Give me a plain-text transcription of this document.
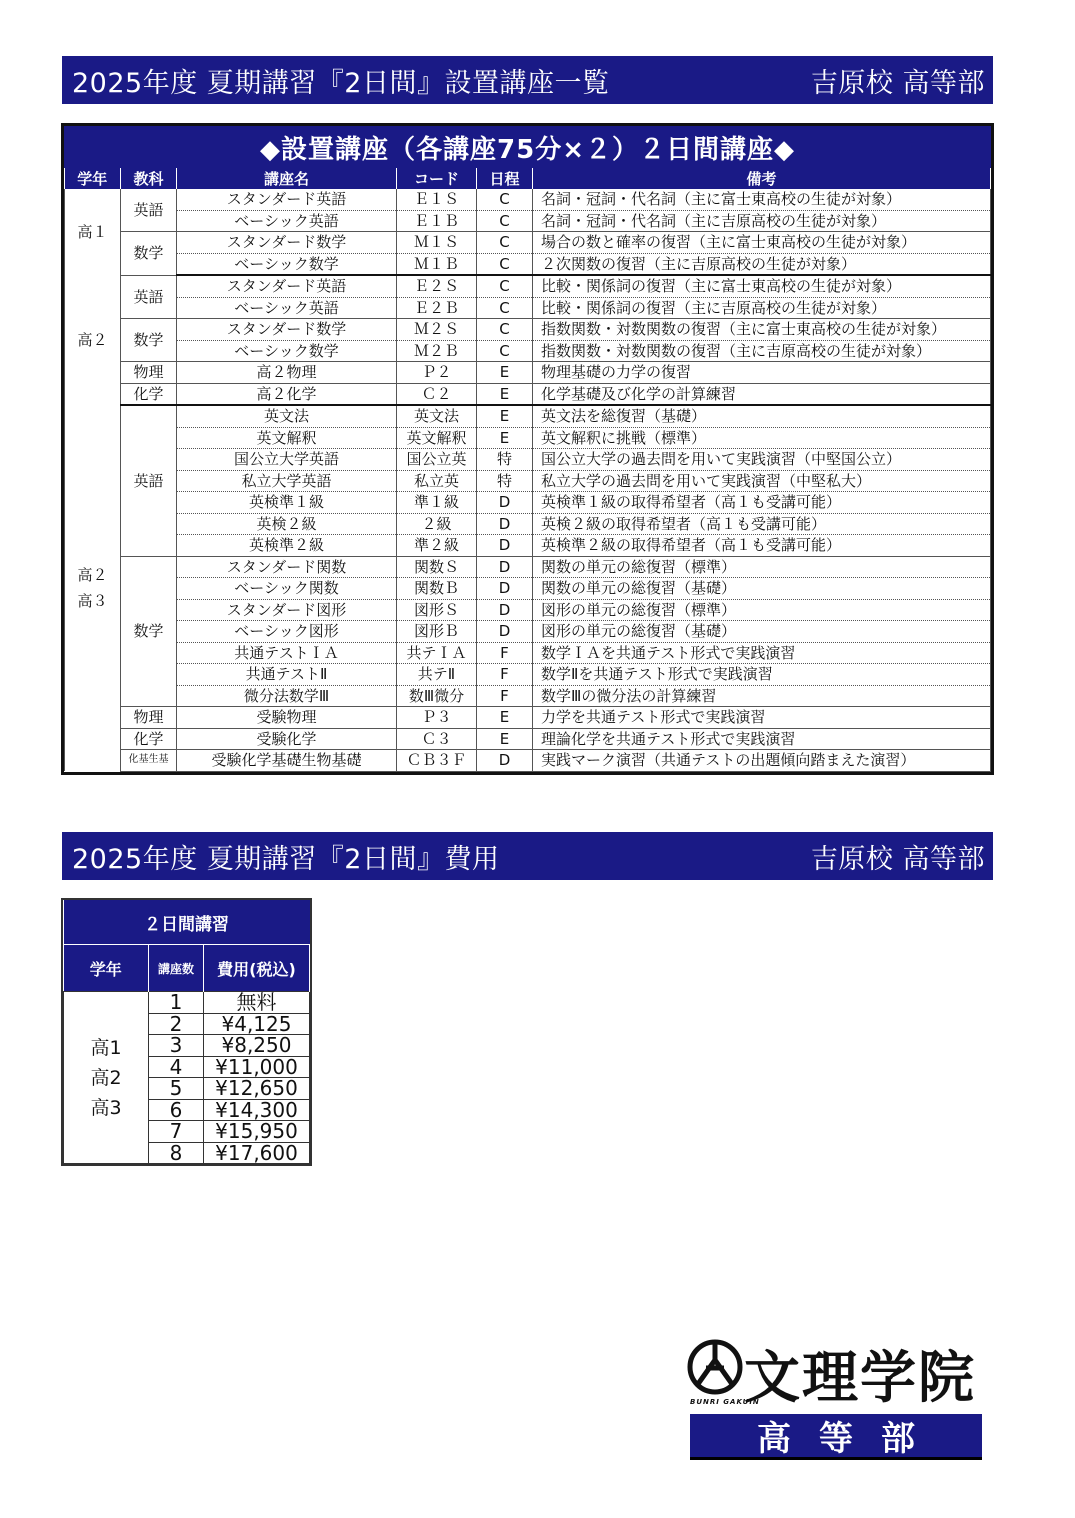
2025年度 夏期講習『2日間』設置講座一覧	吉原校 高等部
◆設置講座（各講座75分×２）２日間講座◆
学年	教科	講座名	コード	日程	備考
高１	英語	スタンダード英語	Ｅ１Ｓ	C	名詞・冠詞・代名詞（主に富士東高校の生徒が対象）
		ベーシック英語	Ｅ１Ｂ	C	名詞・冠詞・代名詞（主に吉原高校の生徒が対象）
	数学	スタンダード数学	Ｍ１Ｓ	C	場合の数と確率の復習（主に富士東高校の生徒が対象）
		ベーシック数学	Ｍ１Ｂ	C	２次関数の復習（主に吉原高校の生徒が対象）
高２	英語	スタンダード英語	Ｅ２Ｓ	C	比較・関係詞の復習（主に富士東高校の生徒が対象）
		ベーシック英語	Ｅ２Ｂ	C	比較・関係詞の復習（主に吉原高校の生徒が対象）
	数学	スタンダード数学	Ｍ２Ｓ	C	指数関数・対数関数の復習（主に富士東高校の生徒が対象）
		ベーシック数学	Ｍ２Ｂ	C	指数関数・対数関数の復習（主に吉原高校の生徒が対象）
	物理	高２物理	Ｐ２	E	物理基礎の力学の復習
	化学	高２化学	Ｃ２	E	化学基礎及び化学の計算練習
高２
高３	英語	英文法	英文法	E	英文法を総復習（基礎）
		英文解釈	英文解釈	E	英文解釈に挑戦（標準）
		国公立大学英語	国公立英	特	国公立大学の過去問を用いて実践演習（中堅国公立）
		私立大学英語	私立英	特	私立大学の過去問を用いて実践演習（中堅私大）
		英検準１級	準１級	D	英検準１級の取得希望者（高１も受講可能）
		英検２級	２級	D	英検２級の取得希望者（高１も受講可能）
		英検準２級	準２級	D	英検準２級の取得希望者（高１も受講可能）
	数学	スタンダード関数	関数Ｓ	D	関数の単元の総復習（標準）
		ベーシック関数	関数Ｂ	D	関数の単元の総復習（基礎）
		スタンダード図形	図形Ｓ	D	図形の単元の総復習（標準）
		ベーシック図形	図形Ｂ	D	図形の単元の総復習（基礎）
		共通テストＩＡ	共テＩＡ	F	数学ＩＡを共通テスト形式で実践演習
		共通テストⅡ	共テⅡ	F	数学Ⅱを共通テスト形式で実践演習
		微分法数学Ⅲ	数Ⅲ微分	F	数学Ⅲの微分法の計算練習
	物理	受験物理	Ｐ３	E	力学を共通テスト形式で実践演習
	化学	受験化学	Ｃ３	E	理論化学を共通テスト形式で実践演習
	化基生基	受験化学基礎生物基礎	ＣＢ３Ｆ	D	実践マーク演習（共通テストの出題傾向踏まえた演習）
2025年度 夏期講習『2日間』費用	吉原校 高等部
２日間講習		
学年	講座数	費用(税込)
高1
高2
高3	1	無料
	2	¥4,125
	3	¥8,250
	4	¥11,000
	5	¥12,650
	6	¥14,300
	7	¥15,950
	8	¥17,600
文理学院
BUNRI GAKUIN
高等部
